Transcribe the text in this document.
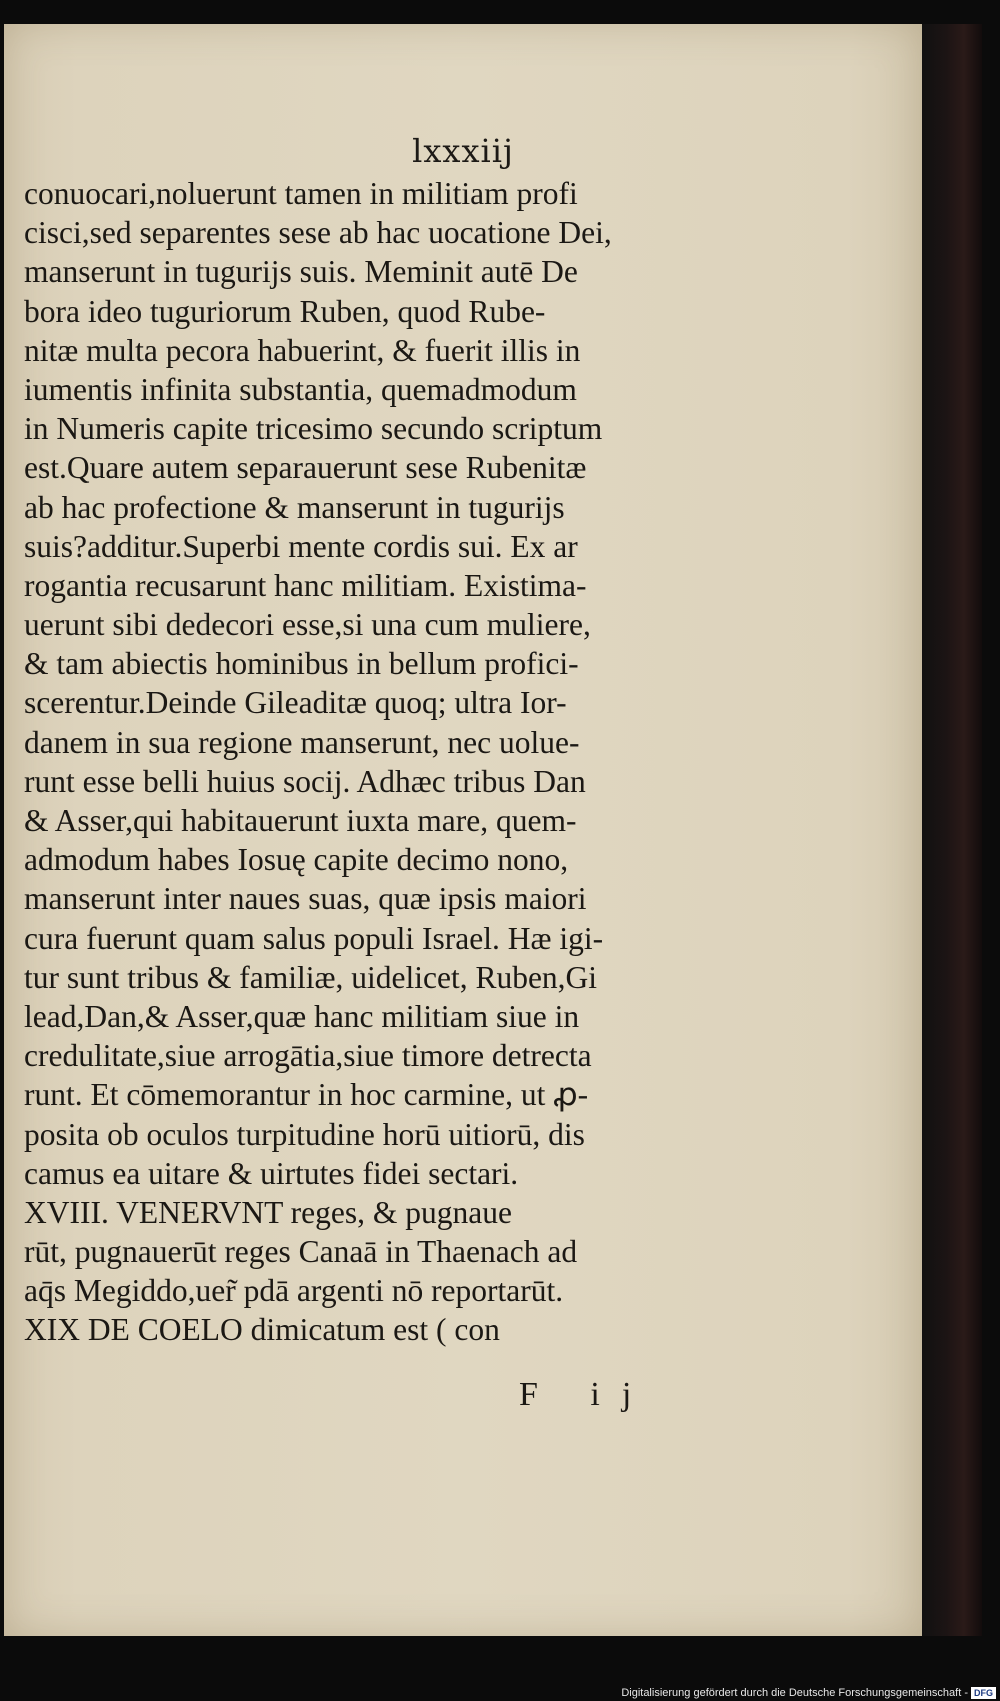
lxxxiij
conuocari,noluerunt tamen in militiam profi
cisci,sed separentes sese ab hac uocatione Dei,
manserunt in tugurijs suis. Meminit autē De
bora ideo tuguriorum Ruben, quod Rube-
nitæ multa pecora habuerint, & fuerit illis in
iumentis infinita substantia, quemadmodum
in Numeris capite tricesimo secundo scriptum
est.Quare autem separauerunt sese Rubenitæ
ab hac profectione & manserunt in tugurijs
suis?additur.Superbi mente cordis sui. Ex ar
rogantia recusarunt hanc militiam. Existima-
uerunt sibi dedecori esse,si una cum muliere,
& tam abiectis hominibus in bellum profici-
scerentur.Deinde Gileaditæ quoq; ultra Ior-
danem in sua regione manserunt, nec uolue-
runt esse belli huius socij. Adhæc tribus Dan
& Asser,qui habitauerunt iuxta mare, quem-
admodum habes Iosuę capite decimo nono,
manserunt inter naues suas, quæ ipsis maiori
cura fuerunt quam salus populi Israel. Hæ igi-
tur sunt tribus & familiæ, uidelicet, Ruben,Gi
lead,Dan,& Asser,quæ hanc militiam siue in
credulitate,siue arrogātia,siue timore detrecta
runt. Et cōmemorantur in hoc carmine, ut ꝓ-
posita ob oculos turpitudine horū uitiorū, dis
camus ea uitare & uirtutes fidei sectari.
XVIII. VENERVNT reges, & pugnaue
rūt, pugnauerūt reges Canaā in Thaenach ad
aq̄s Megiddo,uer̃ pdā argenti nō reportarūt.
XIX DE COELO dimicatum est ( con
F ij
Digitalisierung gefördert durch die Deutsche Forschungsgemeinschaft - DFG
